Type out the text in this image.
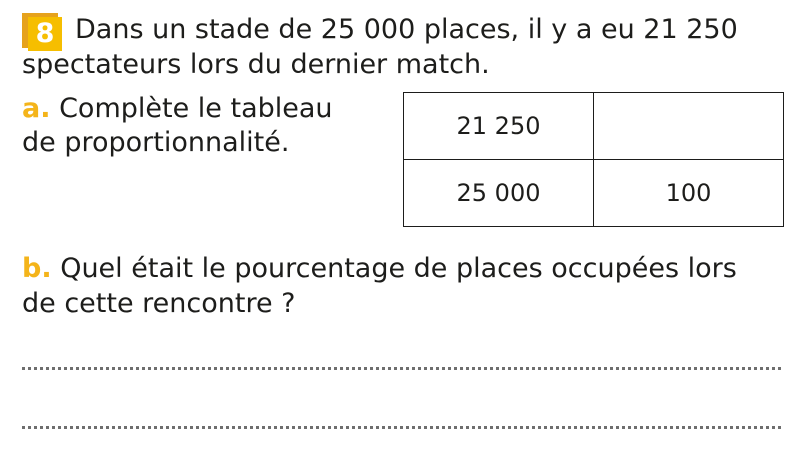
8 Dans un stade de 25 000 places, il y a eu 21 250
spectateurs lors du dernier match.
a. Complète le tableau
de proportionnalité.
21 250	
25 000	100
b. Quel était le pourcentage de places occupées lors
de cette rencontre ?
